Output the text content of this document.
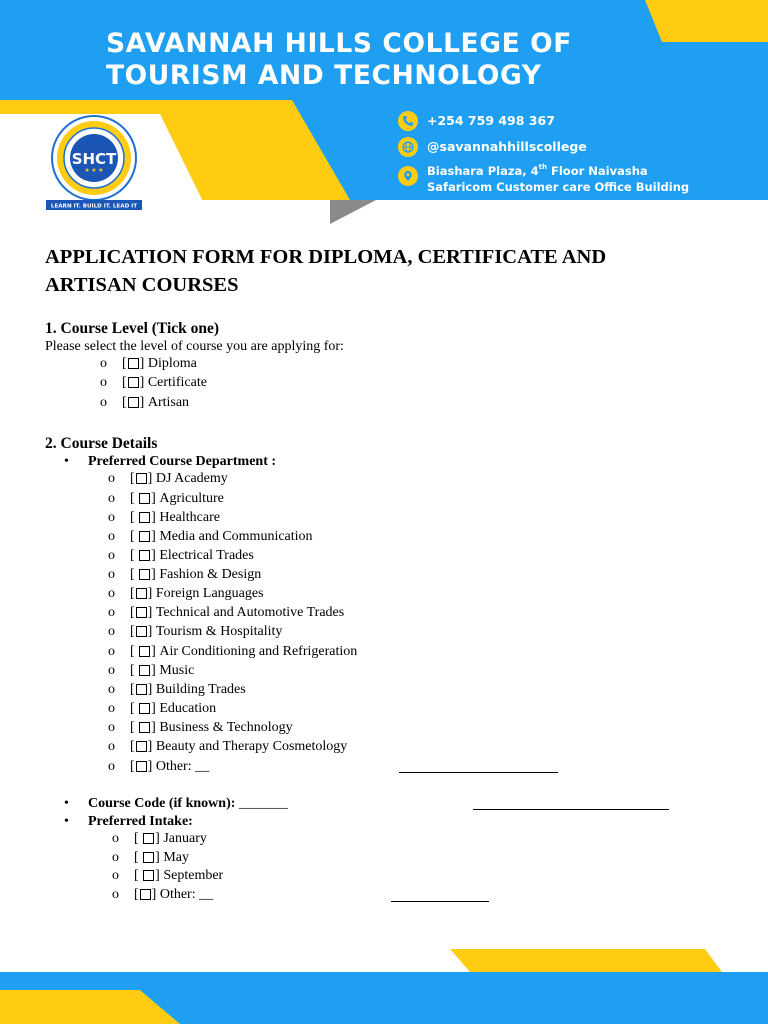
SAVANNAH HILLS COLLEGE OF
TOURISM AND TECHNOLOGY
SHCT
★ ★ ★
LEARN IT. BUILD IT. LEAD IT
+254 759 498 367
@savannahhillscollege
Biashara Plaza, 4th Floor Naivasha
Safaricom Customer care Office Building
APPLICATION FORM FOR DIPLOMA, CERTIFICATE AND
ARTISAN COURSES
1. Course Level (Tick one)
Please select the level of course you are applying for:
o	[ ] Diploma
o	[ ] Certificate
o	[ ] Artisan
2. Course Details
• Preferred Course Department :
o	[ ] DJ Academy
o	[
] Agriculture
o	[
] Healthcare
o	[
] Media and Communication
o	[
] Electrical Trades
o	[
] Fashion & Design
o	[ ] Foreign Languages
o	[ ] Technical and Automotive Trades
o	[ ] Tourism & Hospitality
o	[
] Air Conditioning and Refrigeration
o	[
] Music
o	[ ] Building Trades
o	[
] Education
o	[
] Business & Technology
o	[ ] Beauty and Therapy Cosmetology
o	[ ] Other: __
• Course Code (if known): _______
• Preferred Intake:
o	[
] January
o	[
] May
o	[
] September
o	[ ] Other: __
